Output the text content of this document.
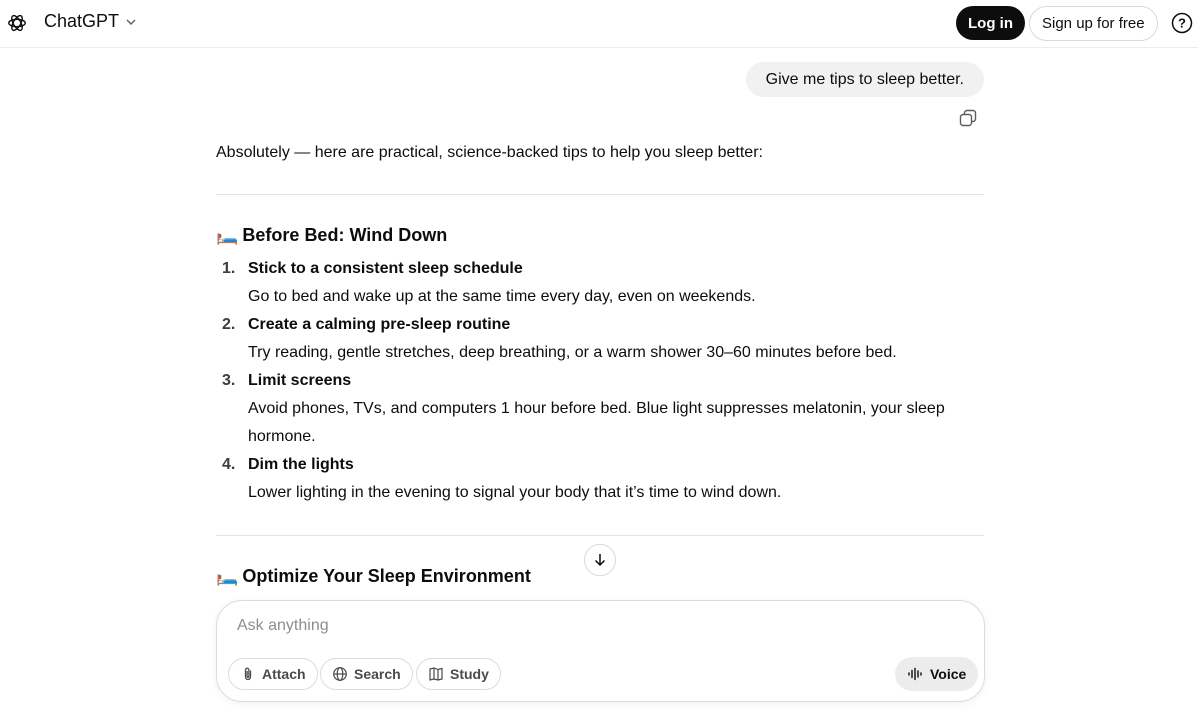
ChatGPT	Log in	Sign up for free	?
Give me tips to sleep better.
Absolutely — here are practical, science-backed tips to help you sleep better:
🛏️ Before Bed: Wind Down
1. Stick to a consistent sleep schedule
Go to bed and wake up at the same time every day, even on weekends.
2. Create a calming pre-sleep routine
Try reading, gentle stretches, deep breathing, or a warm shower 30–60 minutes before bed.
3. Limit screens
Avoid phones, TVs, and computers 1 hour before bed. Blue light suppresses melatonin, your sleep hormone.
4. Dim the lights
Lower lighting in the evening to signal your body that it’s time to wind down.
🛏️ Optimize Your Sleep Environment
Ask anything
Attach	Search	Study	Voice
